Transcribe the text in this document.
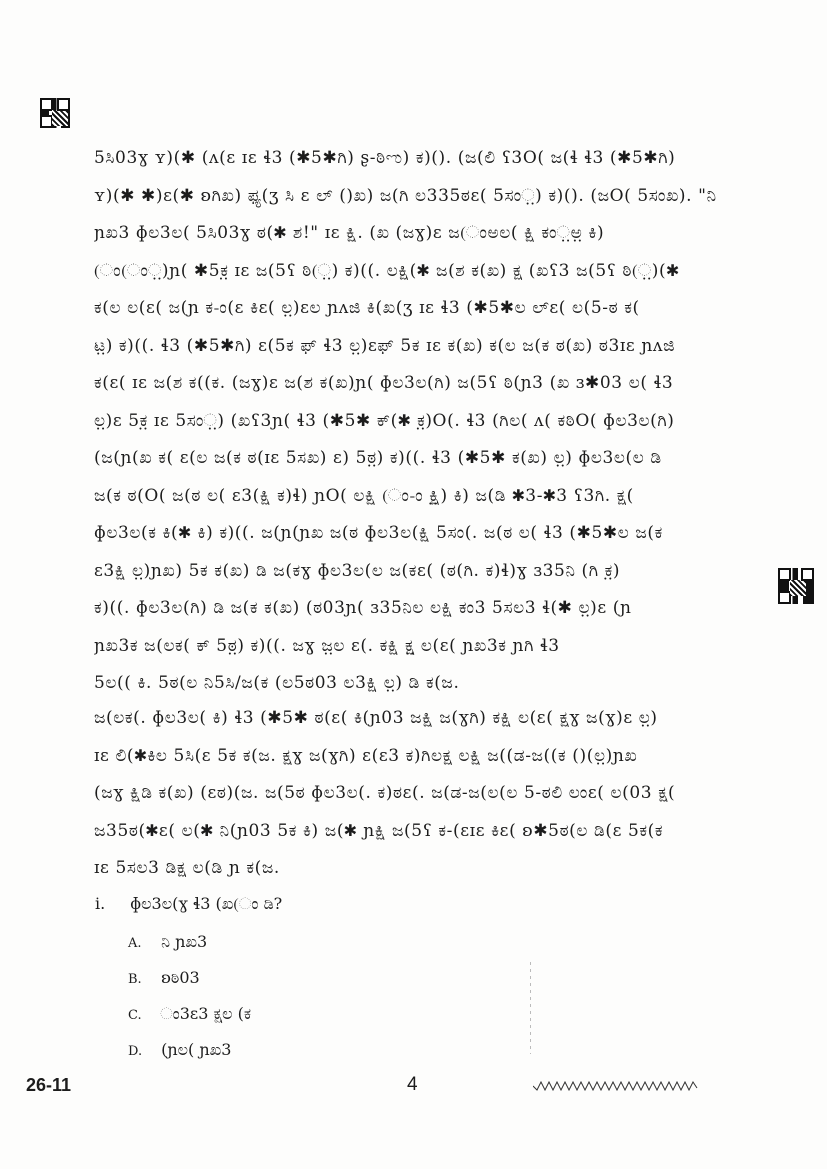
5ಸಿ03ɣ ʏ)(✱ (ʌ(ɛ ɪɛ ɬ3 (✱5✱ಗಿ) ʂ-ಠಿಌ) ಕ)(). (ಜ(ಲಿ ʕ3O( ಜ(ɬ ɬ3 (✱5✱ಗಿ)
ʏ)(✱ ✱)ɛ(✱ ʚಗಿಖ) ಫ್ಯ(ʒ ಸಿ ɛ ಲ್ ()ಖ) ಜ(ಗಿ ಲ335ಠɛ( 5ಸಂ಼) ಕ)(). (ಜO( 5ಸಂಖ). "ನಿ
ɲಖ3 ɸಲ3ಲ( 5ಸಿ03ɣ ಠ(✱ ಶ!" ɪɛ ಕ್ಷಿ. (ಖ (ಜɣ)ɛ ಜ(ಂಅಲ( ಕ್ಷಿ ಕಂ಼ಅ಼ ಕಿ)
(ಂ(ಂ಼)ɲ( ✱5ಕ಼ ɪɛ ಜ(5ʕ ಠಿ(಼) ಕ)((. ಲಕ್ಷಿ(✱ ಜ(ಶ ಕ(ಖ) ಕ್ಷ (ಖʕ3 ಜ(5ʕ ಠಿ(಼)(✱
ಕ(ಲ ಲ(ɛ( ಜ(ɲ ಕ-ಂ(ɛ ಕಿɛ( ಲ಼)ɛಲ ɲʌಜಿ ಕಿ(ಖ(ʒ ɪɛ ɬ3 (✱5✱ಲ ಲ್ɛ( ಲ(5-ಠ ಕ(
ಟ಼) ಕ)((. ɬ3 (✱5✱ಗಿ) ɛ(5ಕ ಫ್ ɬ3 ಲ಼)ɛಫ್ 5ಕ ɪɛ ಕ(ಖ) ಕ(ಲ ಜ(ಕ ಠ(ಖ) ಠ3ɪɛ ɲʌಜಿ
ಕ(ɛ( ɪɛ ಜ(ಶ ಕ((ಕ. (ಜɣ)ɛ ಜ(ಶ ಕ(ಖ)ɲ( ɸಲ3ಲ(ಗಿ) ಜ(5ʕ ಠಿ(ɲ3 (ಖ ɜ✱03 ಲ( ɬ3
ಲ಼)ɛ 5ಕ಼ ɪɛ 5ಸಂ಼) (ಖʕ3ɲ( ɬ3 (✱5✱ ಕ್(✱ ಕ಼)O(. ɬ3 (ಗಿಲ( ʌ( ಕಠಿO( ɸಲ3ಲ(ಗಿ)
(ಜ(ɲ(ಖ ಕ( ɛ(ಲ ಜ(ಕ ಠ(ɪɛ 5ಸಖ) ɛ) 5ಠ಼) ಕ)((. ɬ3 (✱5✱ ಕ(ಖ) ಲ಼) ɸಲ3ಲ(ಲ ಡಿ
ಜ(ಕ ಠ(O( ಜ(ಠ ಲ( ɛ3(ಕ್ಷಿ ಕ)ɬ) ɲO( ಲಕ್ಷಿ (ಂ-ಂ ಕ್ಷಿ಼) ಕಿ) ಜ(ಡಿ ✱3-✱3 ʕ3ಗಿ. ಕ್ಷ(
ɸಲ3ಲ(ಕ ಕಿ(✱ ಕಿ) ಕ)((. ಜ(ɲ(ɲಖ ಜ(ಠ ɸಲ3ಲ(ಕ್ಷಿ 5ಸಂ(. ಜ(ಠ ಲ( ɬ3 (✱5✱ಲ ಜ(ಕ
ɛ3ಕ್ಷಿ ಲ಼)ɲಖ) 5ಕ ಕ(ಖ) ಡಿ ಜ(ಕɣ ɸಲ3ಲ(ಲ ಜ(ಕɛ( (ಠ(ಗಿ. ಕ)ɬ)ɣ ɜ35ನಿ (ಗಿ ಕ಼)
ಕ)((. ɸಲ3ಲ(ಗಿ) ಡಿ ಜ(ಕ ಕ(ಖ) (ಠ03ɲ( ɜ35ನಿಲ ಲಕ್ಷಿ ಕಂ3 5ಸಲ3 ɬ(✱ ಲ಼)ɛ (ɲ
ɲಖ3ಕ ಜ(ಲಕ( ಕ್ 5ಠ಼) ಕ)((. ಜɣ ಜ಼ಲ ɛ(. ಕಕ್ಷಿ ಕ್ಷ಼ ಲ(ɛ( ɲಖ3ಕ ɲಗಿ ɬ3
5ಲ(( ಕಿ. 5ಠ(ಲ ನಿ5ಸಿ/ಜ(ಕ (ಲ5ಠ03 ಲ3ಕ್ಷಿ ಲ಼) ಡಿ ಕ(ಜ.
ಜ(ಲಕ(. ɸಲ3ಲ( ಕಿ) ɬ3 (✱5✱ ಠ(ɛ( ಕಿ(ɲ03 ಜಕ್ಷಿ ಜ(ɣಗಿ) ಕಕ್ಷಿ ಲ(ɛ( ಕ್ಷɣ ಜ(ɣ)ɛ ಲ಼)
ɪɛ ಲಿ(✱ಕಿಲ 5ಸಿ(ɛ 5ಕ ಕ(ಜ. ಕ್ಷɣ ಜ(ɣಗಿ) ɛ(ɛ3 ಕ)ಗಿಲಕ್ಷ ಲಕ್ಷಿ ಜ((ಡ-ಜ((ಕ ()(ಲ಼)ɲಖ
(ಜɣ ಕ್ಷಿಡಿ ಕ(ಖ) (ɛಠ)(ಜ. ಜ(5ಠ ɸಲ3ಲ(. ಕ)ಠɛ(. ಜ(ಡ-ಜ(ಲ(ಲ 5-ಠಲಿ ಲಂɛ( ಲ(03 ಕ್ಷ(
ಜ35ಠ(✱ɛ( ಲ(✱ ನಿ(ɲ03 5ಕ ಕಿ) ಜ(✱ ɲಕ್ಷಿ ಜ(5ʕ ಕ-(ɛɪɛ ಕಿɛ( ʚ✱5ಠ(ಲ ಡಿ(ɛ 5ಕ(ಕ
ɪɛ 5ಸಲ3 ಡಿಕ್ಷ ಲ(ಡಿ ɲ ಕ(ಜ.
i. ɸಲ3ಲ(ɣ ɬ3 (ಖ(ಂ ಡಿ?
A. ನಿ ɲಖ3
B. ʚಠಿ03
C. ಂ3ɛ3 ಕ್ಷಲ (ಕ
D. (ɲಲ( ɲಖ3
26-11	4
